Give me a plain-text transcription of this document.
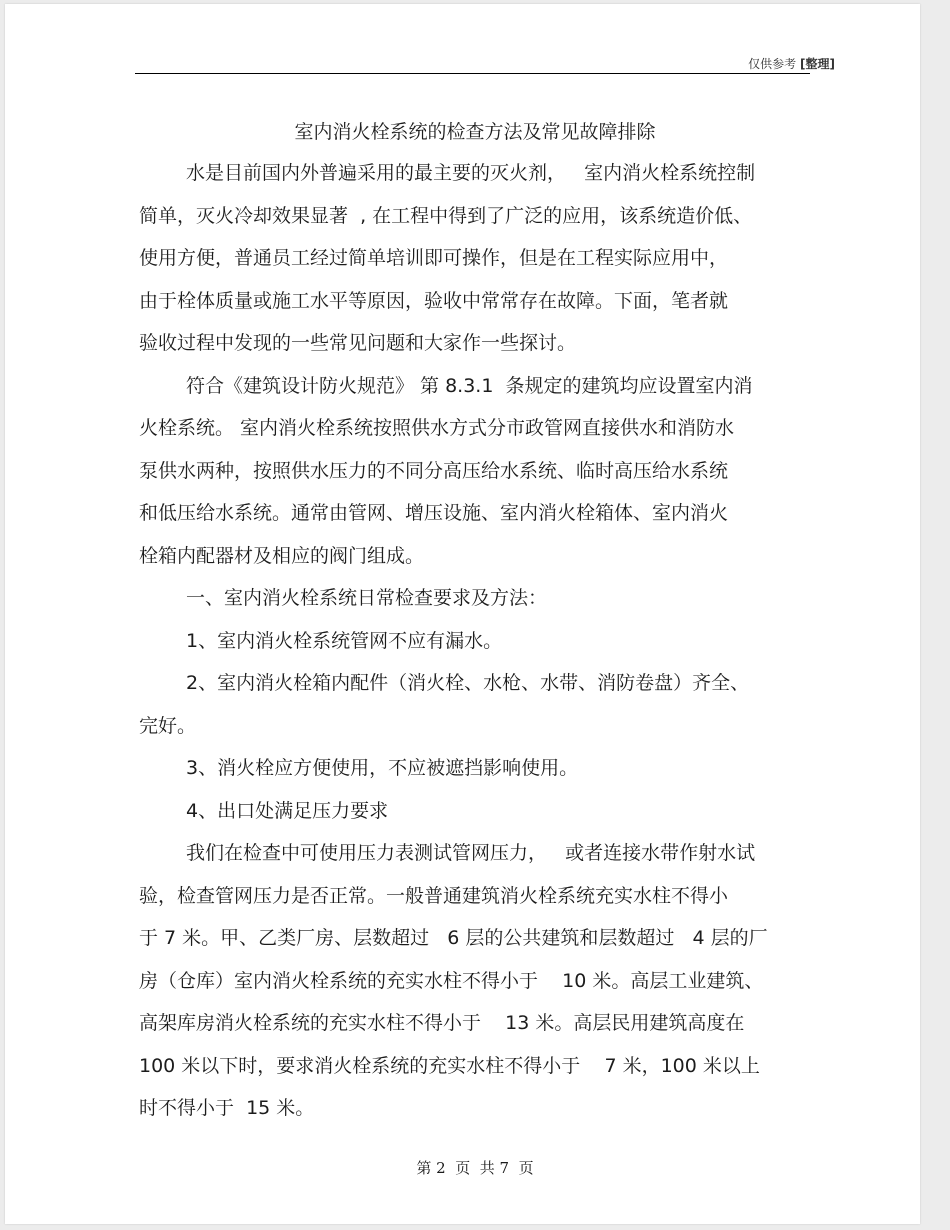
仅供参考 [整理]
室内消火栓系统的检查方法及常见故障排除
水是目前国内外普遍采用的最主要的灭火剂，   室内消火栓系统控制
简单，灭火冷却效果显著  , 在工程中得到了广泛的应用，该系统造价低、
使用方便，普通员工经过简单培训即可操作，但是在工程实际应用中，
由于栓体质量或施工水平等原因，验收中常常存在故障。下面，笔者就
验收过程中发现的一些常见问题和大家作一些探讨。
符合《建筑设计防火规范》 第 8.3.1  条规定的建筑均应设置室内消
火栓系统。 室内消火栓系统按照供水方式分市政管网直接供水和消防水
泵供水两种，按照供水压力的不同分高压给水系统、临时高压给水系统
和低压给水系统。通常由管网、增压设施、室内消火栓箱体、室内消火
栓箱内配器材及相应的阀门组成。
一、室内消火栓系统日常检查要求及方法：
1、室内消火栓系统管网不应有漏水。
2、室内消火栓箱内配件（消火栓、水枪、水带、消防卷盘）齐全、
完好。
3、消火栓应方便使用，不应被遮挡影响使用。
4、出口处满足压力要求
我们在检查中可使用压力表测试管网压力，   或者连接水带作射水试
验，检查管网压力是否正常。一般普通建筑消火栓系统充实水柱不得小
于 7 米。甲、乙类厂房、层数超过   6 层的公共建筑和层数超过   4 层的厂
房（仓库）室内消火栓系统的充实水柱不得小于    10 米。高层工业建筑、
高架库房消火栓系统的充实水柱不得小于    13 米。高层民用建筑高度在
100 米以下时，要求消火栓系统的充实水柱不得小于    7 米，100 米以上
时不得小于  15 米。
第 2  页  共 7  页
